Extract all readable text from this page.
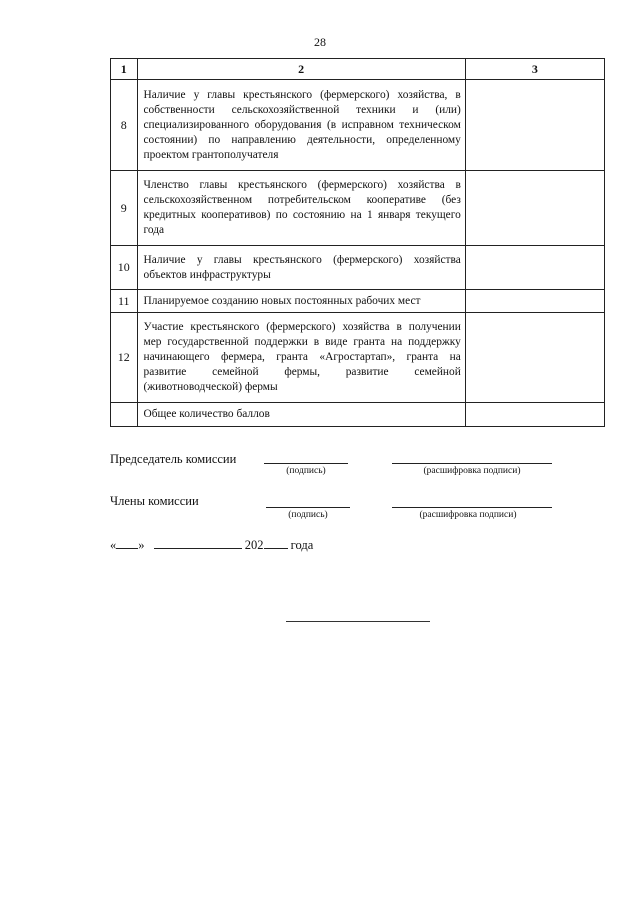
28
1	2	3
8	Наличие у главы крестьянского (фермерского) хозяйства, в собственности сельскохозяйственной техники и (или) специализированного оборудования (в исправном техническом состоянии) по направлению деятельности, определенному проектом грантополучателя	
9	Членство главы крестьянского (фермерского) хозяйства в сельскохозяйственном потребительском кооперативе (без кредитных кооперативов) по состоянию на 1 января текущего года	
10	Наличие у главы крестьянского (фермерского) хозяйства объектов инфраструктуры	
11	Планируемое созданию новых постоянных рабочих мест	
12	Участие крестьянского (фермерского) хозяйства в получении мер государственной поддержки в виде гранта на поддержку начинающего фермера, гранта «Агростартап», гранта на развитие семейной фермы, развитие семейной (животноводческой) фермы	
	Общее количество баллов	
Председатель комиссии
(подпись)	(расшифровка подписи)
Члены комиссии
(подпись)	(расшифровка подписи)
« »	202 года
